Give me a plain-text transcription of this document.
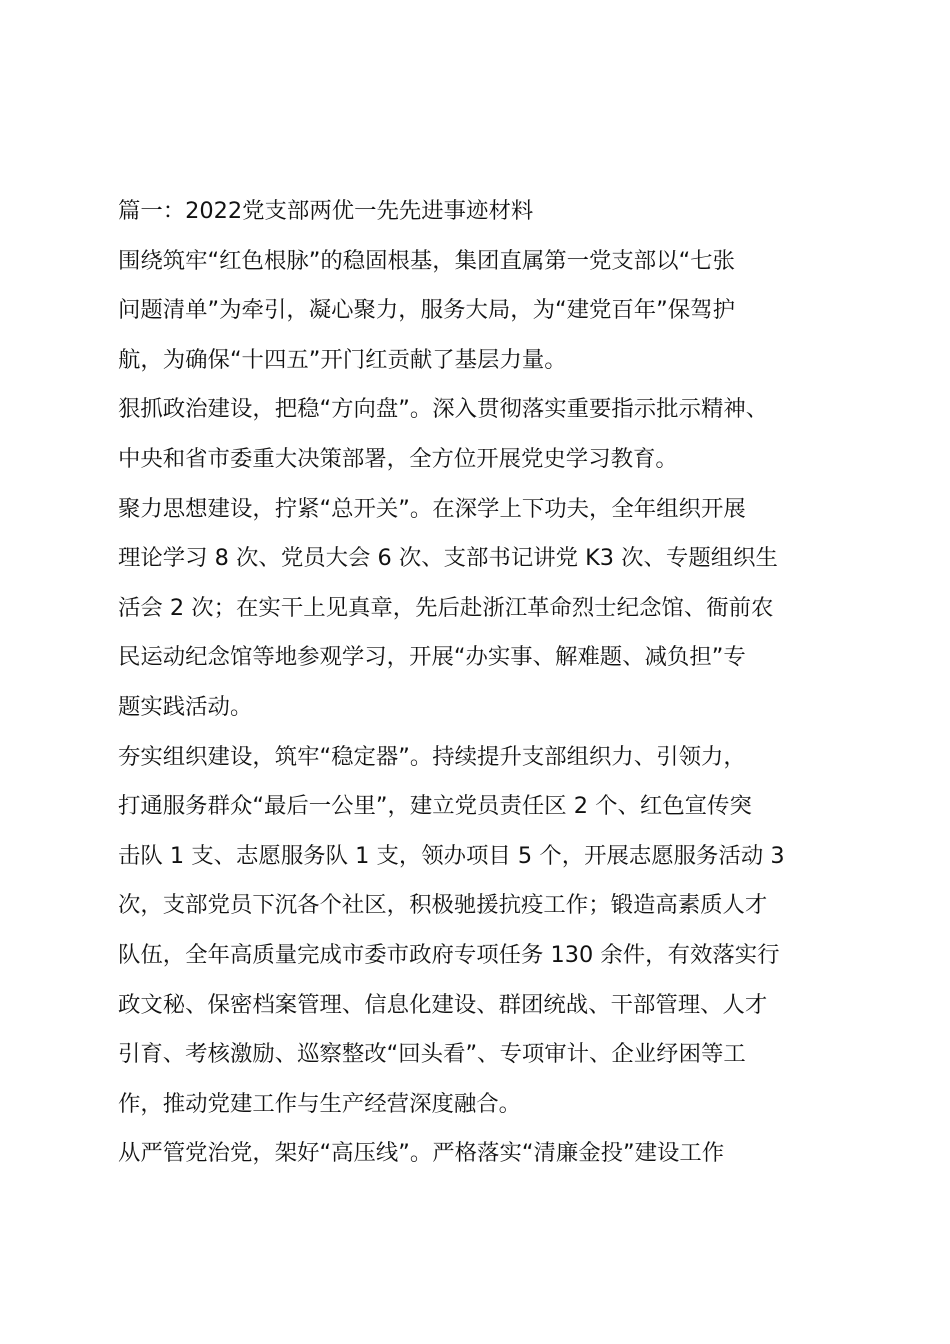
篇一：2022党支部两优一先先进事迹材料
围绕筑牢“红色根脉”的稳固根基，集团直属第一党支部以“七张
问题清单”为牵引，凝心聚力，服务大局，为“建党百年”保驾护
航，为确保“十四五”开门红贡献了基层力量。
狠抓政治建设，把稳“方向盘”。深入贯彻落实重要指示批示精神、
中央和省市委重大决策部署，全方位开展党史学习教育。
聚力思想建设，拧紧“总开关”。在深学上下功夫，全年组织开展
理论学习 8 次、党员大会 6 次、支部书记讲党 K3 次、专题组织生
活会 2 次；在实干上见真章，先后赴浙江革命烈士纪念馆、衙前农
民运动纪念馆等地参观学习，开展“办实事、解难题、减负担”专
题实践活动。
夯实组织建设，筑牢“稳定器”。持续提升支部组织力、引领力，
打通服务群众“最后一公里”，建立党员责任区 2 个、红色宣传突
击队 1 支、志愿服务队 1 支，领办项目 5 个，开展志愿服务活动 3
次，支部党员下沉各个社区，积极驰援抗疫工作；锻造高素质人才
队伍，全年高质量完成市委市政府专项任务 130 余件，有效落实行
政文秘、保密档案管理、信息化建设、群团统战、干部管理、人才
引育、考核激励、巡察整改“回头看”、专项审计、企业纾困等工
作，推动党建工作与生产经营深度融合。
从严管党治党，架好“高压线”。严格落实“清廉金投”建设工作
